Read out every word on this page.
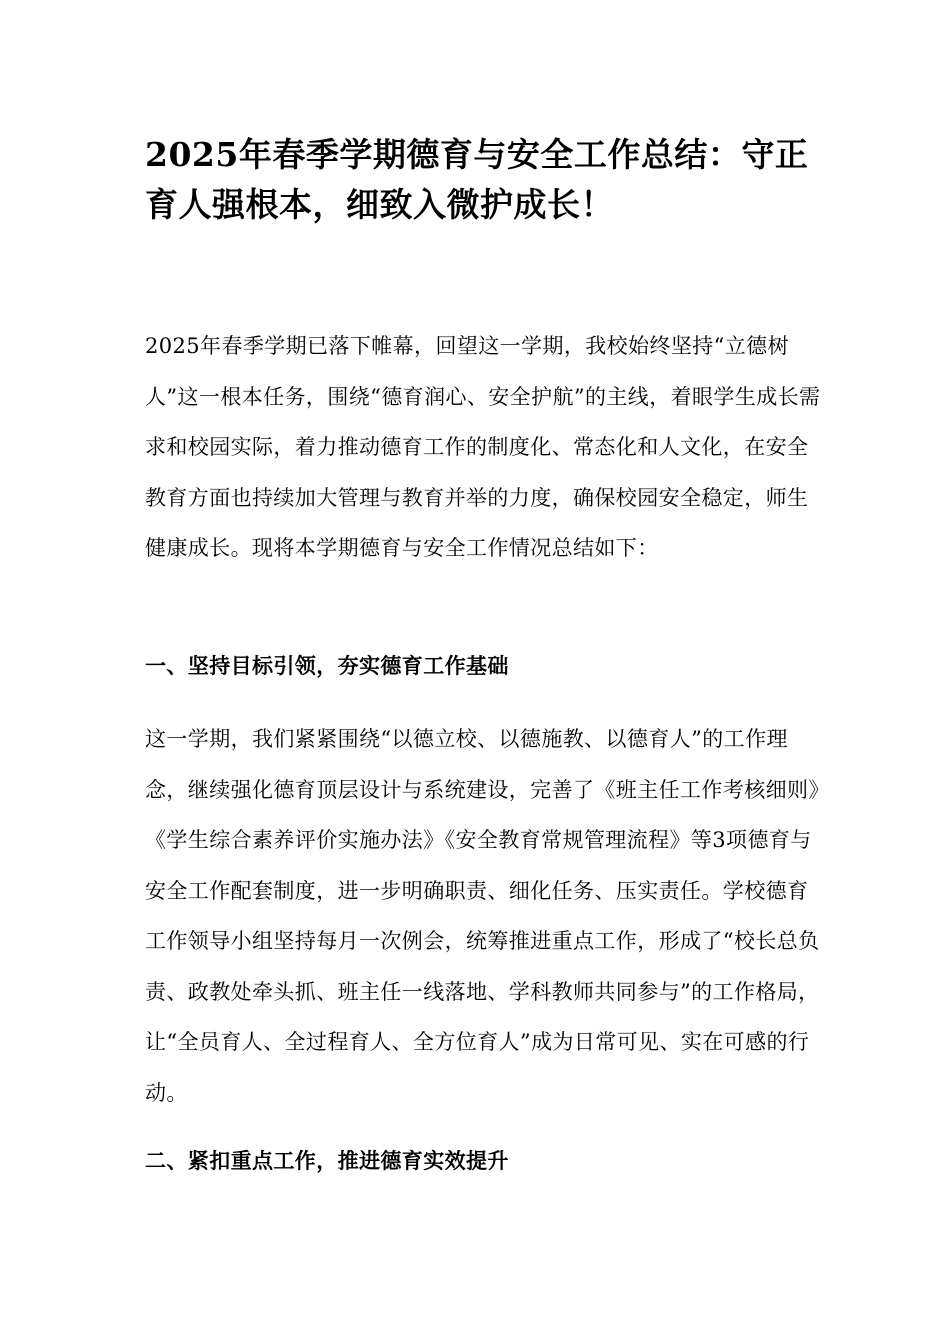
2025年春季学期德育与安全工作总结：守正育人强根本，细致入微护成长！

2025年春季学期已落下帷幕，回望这一学期，我校始终坚持“立德树人”这一根本任务，围绕“德育润心、安全护航”的主线，着眼学生成长需求和校园实际，着力推动德育工作的制度化、常态化和人文化，在安全教育方面也持续加大管理与教育并举的力度，确保校园安全稳定，师生健康成长。现将本学期德育与安全工作情况总结如下：

一、坚持目标引领，夯实德育工作基础

这一学期，我们紧紧围绕“以德立校、以德施教、以德育人”的工作理念，继续强化德育顶层设计与系统建设，完善了《班主任工作考核细则》《学生综合素养评价实施办法》《安全教育常规管理流程》等3项德育与安全工作配套制度，进一步明确职责、细化任务、压实责任。学校德育工作领导小组坚持每月一次例会，统筹推进重点工作，形成了“校长总负责、政教处牵头抓、班主任一线落地、学科教师共同参与”的工作格局，让“全员育人、全过程育人、全方位育人”成为日常可见、实在可感的行动。

二、紧扣重点工作，推进德育实效提升
